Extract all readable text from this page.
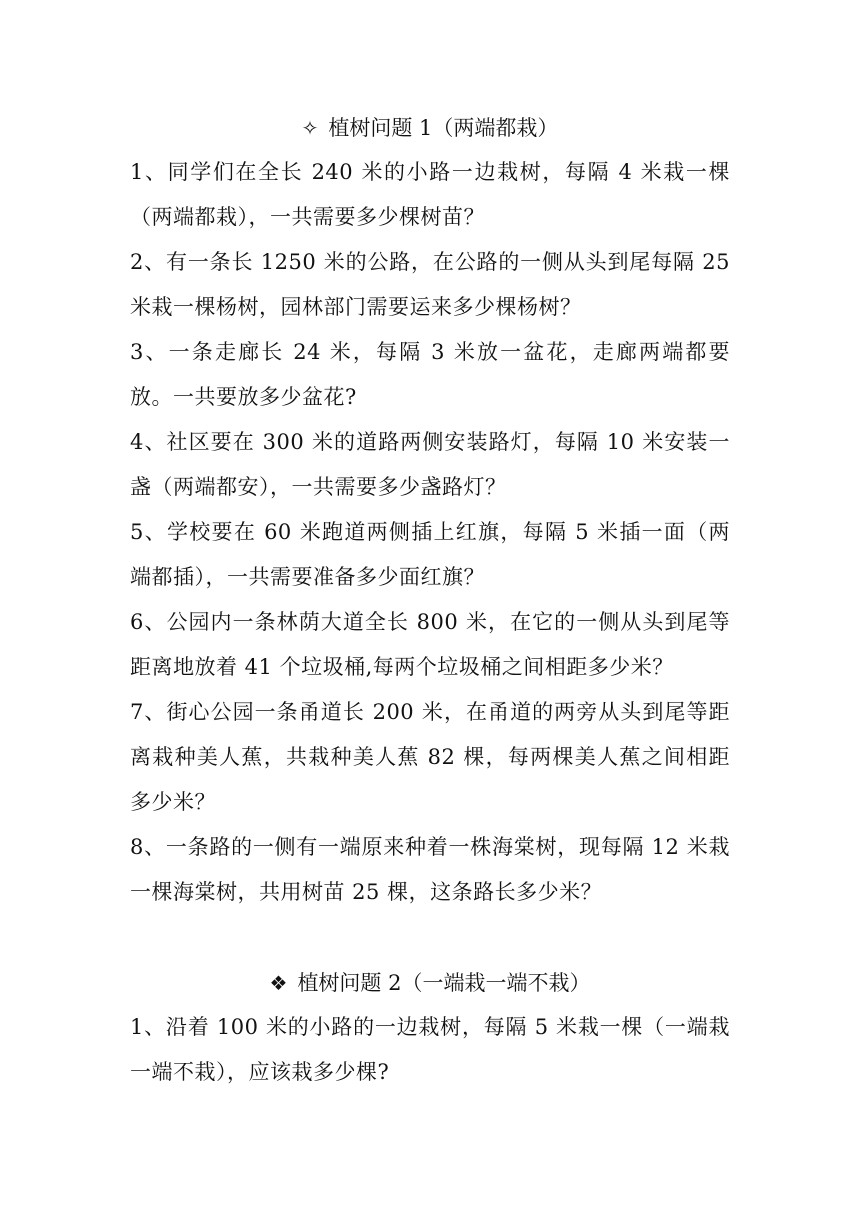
✧ 植树问题 1（两端都栽）
1、同学们在全长 240 米的小路一边栽树，每隔 4 米栽一棵（两端都栽），一共需要多少棵树苗？
2、有一条长 1250 米的公路，在公路的一侧从头到尾每隔 25 米栽一棵杨树，园林部门需要运来多少棵杨树？
3、一条走廊长 24 米，每隔 3 米放一盆花，走廊两端都要放。一共要放多少盆花?
4、社区要在 300 米的道路两侧安装路灯，每隔 10 米安装一盏（两端都安），一共需要多少盏路灯？
5、学校要在 60 米跑道两侧插上红旗，每隔 5 米插一面（两端都插），一共需要准备多少面红旗？
6、公园内一条林荫大道全长 800 米，在它的一侧从头到尾等距离地放着 41 个垃圾桶,每两个垃圾桶之间相距多少米？
7、街心公园一条甬道长 200 米，在甬道的两旁从头到尾等距离栽种美人蕉，共栽种美人蕉 82 棵，每两棵美人蕉之间相距多少米？
8、一条路的一侧有一端原来种着一株海棠树，现每隔 12 米栽一棵海棠树，共用树苗 25 棵，这条路长多少米？
❖ 植树问题 2（一端栽一端不栽）
1、沿着 100 米的小路的一边栽树，每隔 5 米栽一棵（一端栽一端不栽），应该栽多少棵?
